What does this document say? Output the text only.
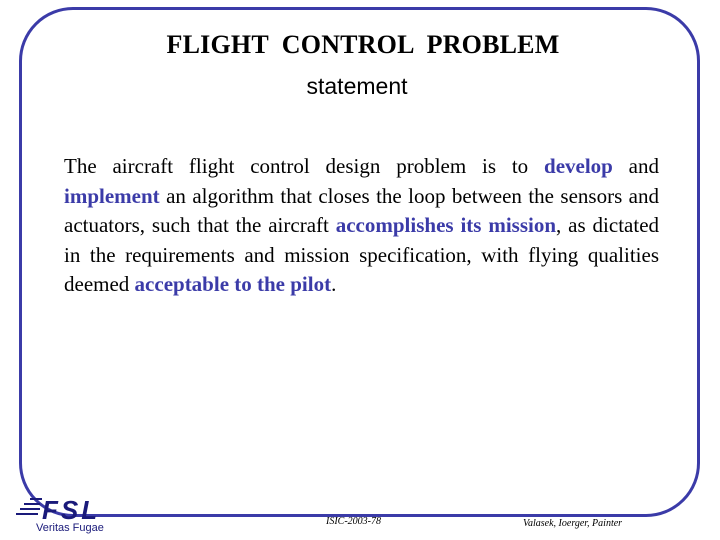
FLIGHT  CONTROL  PROBLEM
statement
The aircraft flight control design problem is to develop and implement an algorithm that closes the loop between the sensors and actuators, such that the aircraft accomplishes its mission, as dictated in the requirements and mission specification, with flying qualities deemed acceptable to the pilot.
FSL
Veritas Fugae
ISIC-2003-78	Valasek, Ioerger, Painter
